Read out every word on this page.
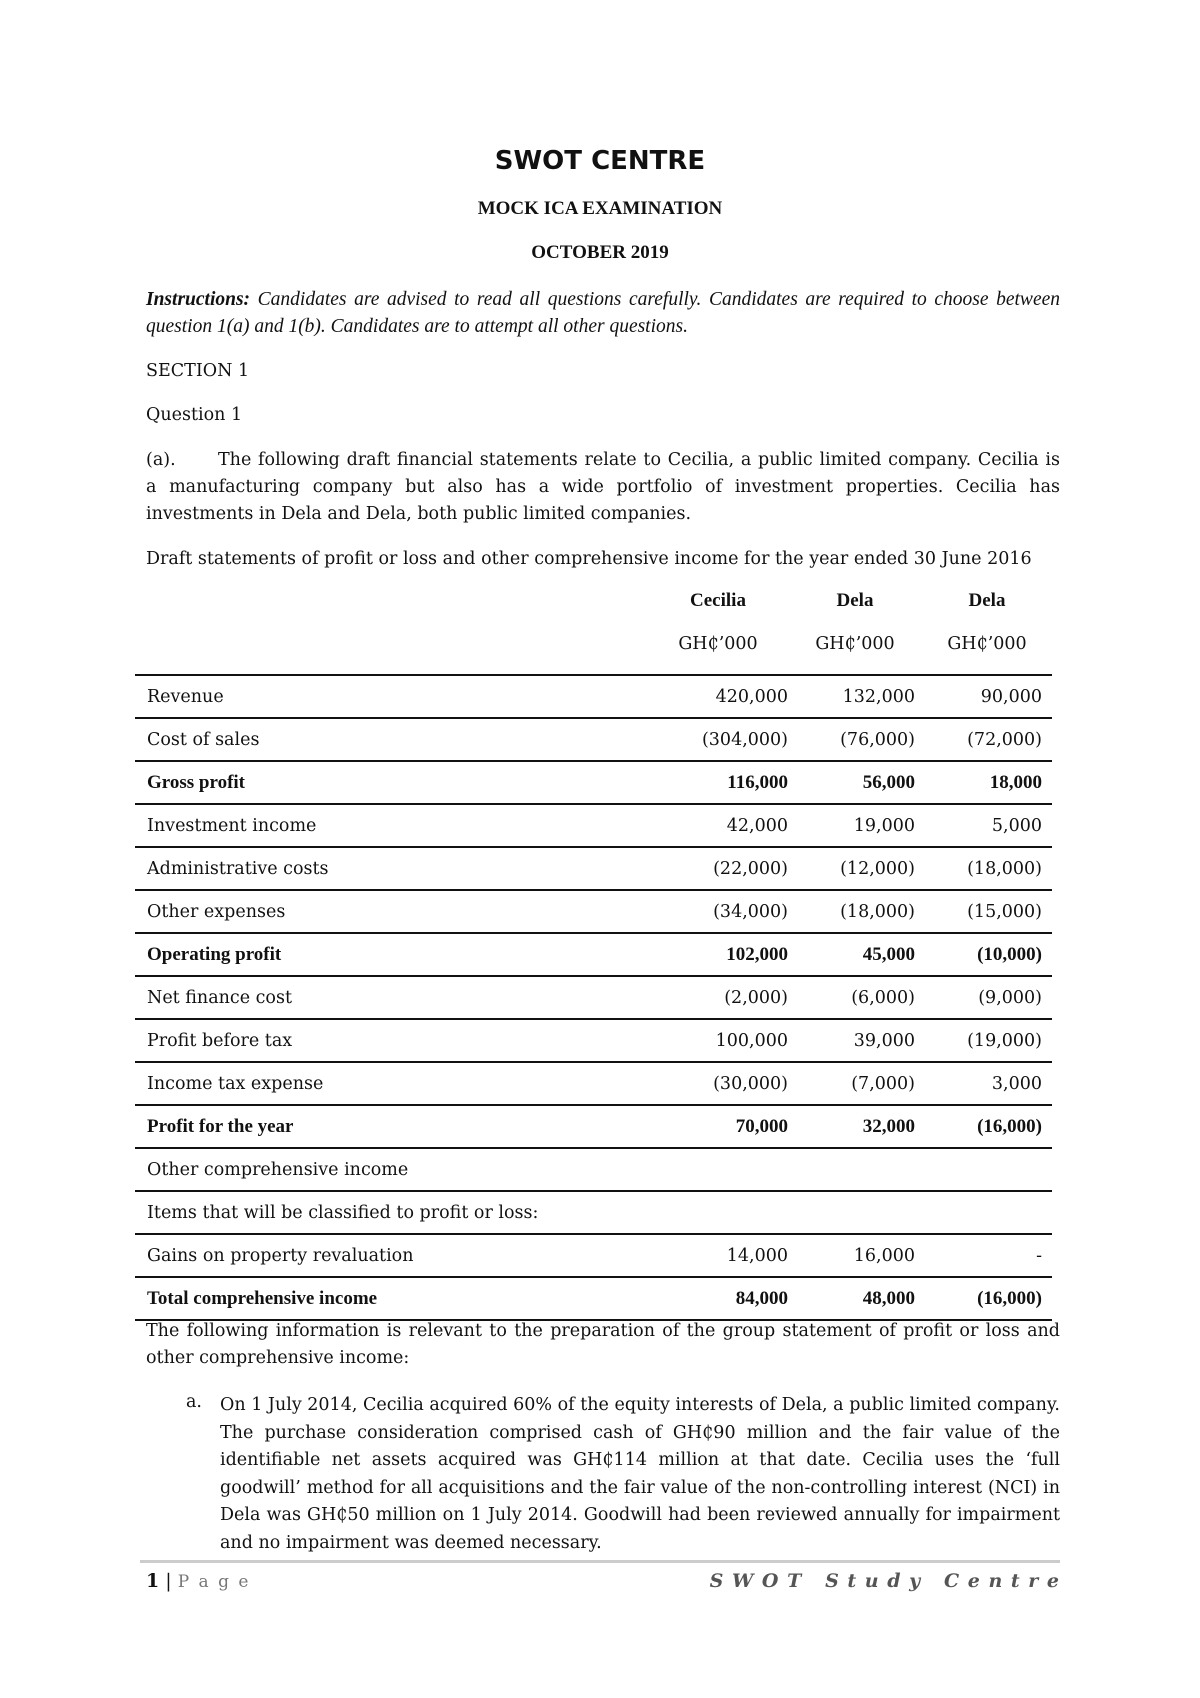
SWOT CENTRE
MOCK ICA EXAMINATION
OCTOBER 2019
Instructions: Candidates are advised to read all questions carefully. Candidates are required to choose between question 1(a) and 1(b). Candidates are to attempt all other questions.
SECTION 1
Question 1
(a). The following draft financial statements relate to Cecilia, a public limited company. Cecilia is a manufacturing company but also has a wide portfolio of investment properties. Cecilia has investments in Dela and Dela, both public limited companies.
Draft statements of profit or loss and other comprehensive income for the year ended 30 June 2016
Cecilia	Dela	Dela
GH₵’000	GH₵’000	GH₵’000
Revenue	420,000	132,000	90,000
Cost of sales	(304,000)	(76,000)	(72,000)
Gross profit	116,000	56,000	18,000
Investment income	42,000	19,000	5,000
Administrative costs	(22,000)	(12,000)	(18,000)
Other expenses	(34,000)	(18,000)	(15,000)
Operating profit	102,000	45,000	(10,000)
Net finance cost	(2,000)	(6,000)	(9,000)
Profit before tax	100,000	39,000	(19,000)
Income tax expense	(30,000)	(7,000)	3,000
Profit for the year	70,000	32,000	(16,000)
Other comprehensive income			
Items that will be classified to profit or loss:			
Gains on property revaluation	14,000	16,000	-
Total comprehensive income	84,000	48,000	(16,000)
The following information is relevant to the preparation of the group statement of profit or loss and other comprehensive income:
a. On 1 July 2014, Cecilia acquired 60% of the equity interests of Dela, a public limited company. The purchase consideration comprised cash of GH₵90 million and the fair value of the identifiable net assets acquired was GH₵114 million at that date. Cecilia uses the ‘full goodwill’ method for all acquisitions and the fair value of the non-controlling interest (NCI) in Dela was GH₵50 million on 1 July 2014. Goodwill had been reviewed annually for impairment and no impairment was deemed necessary.
1 | P a g e	S W O T   S t u d y   C e n t r e
